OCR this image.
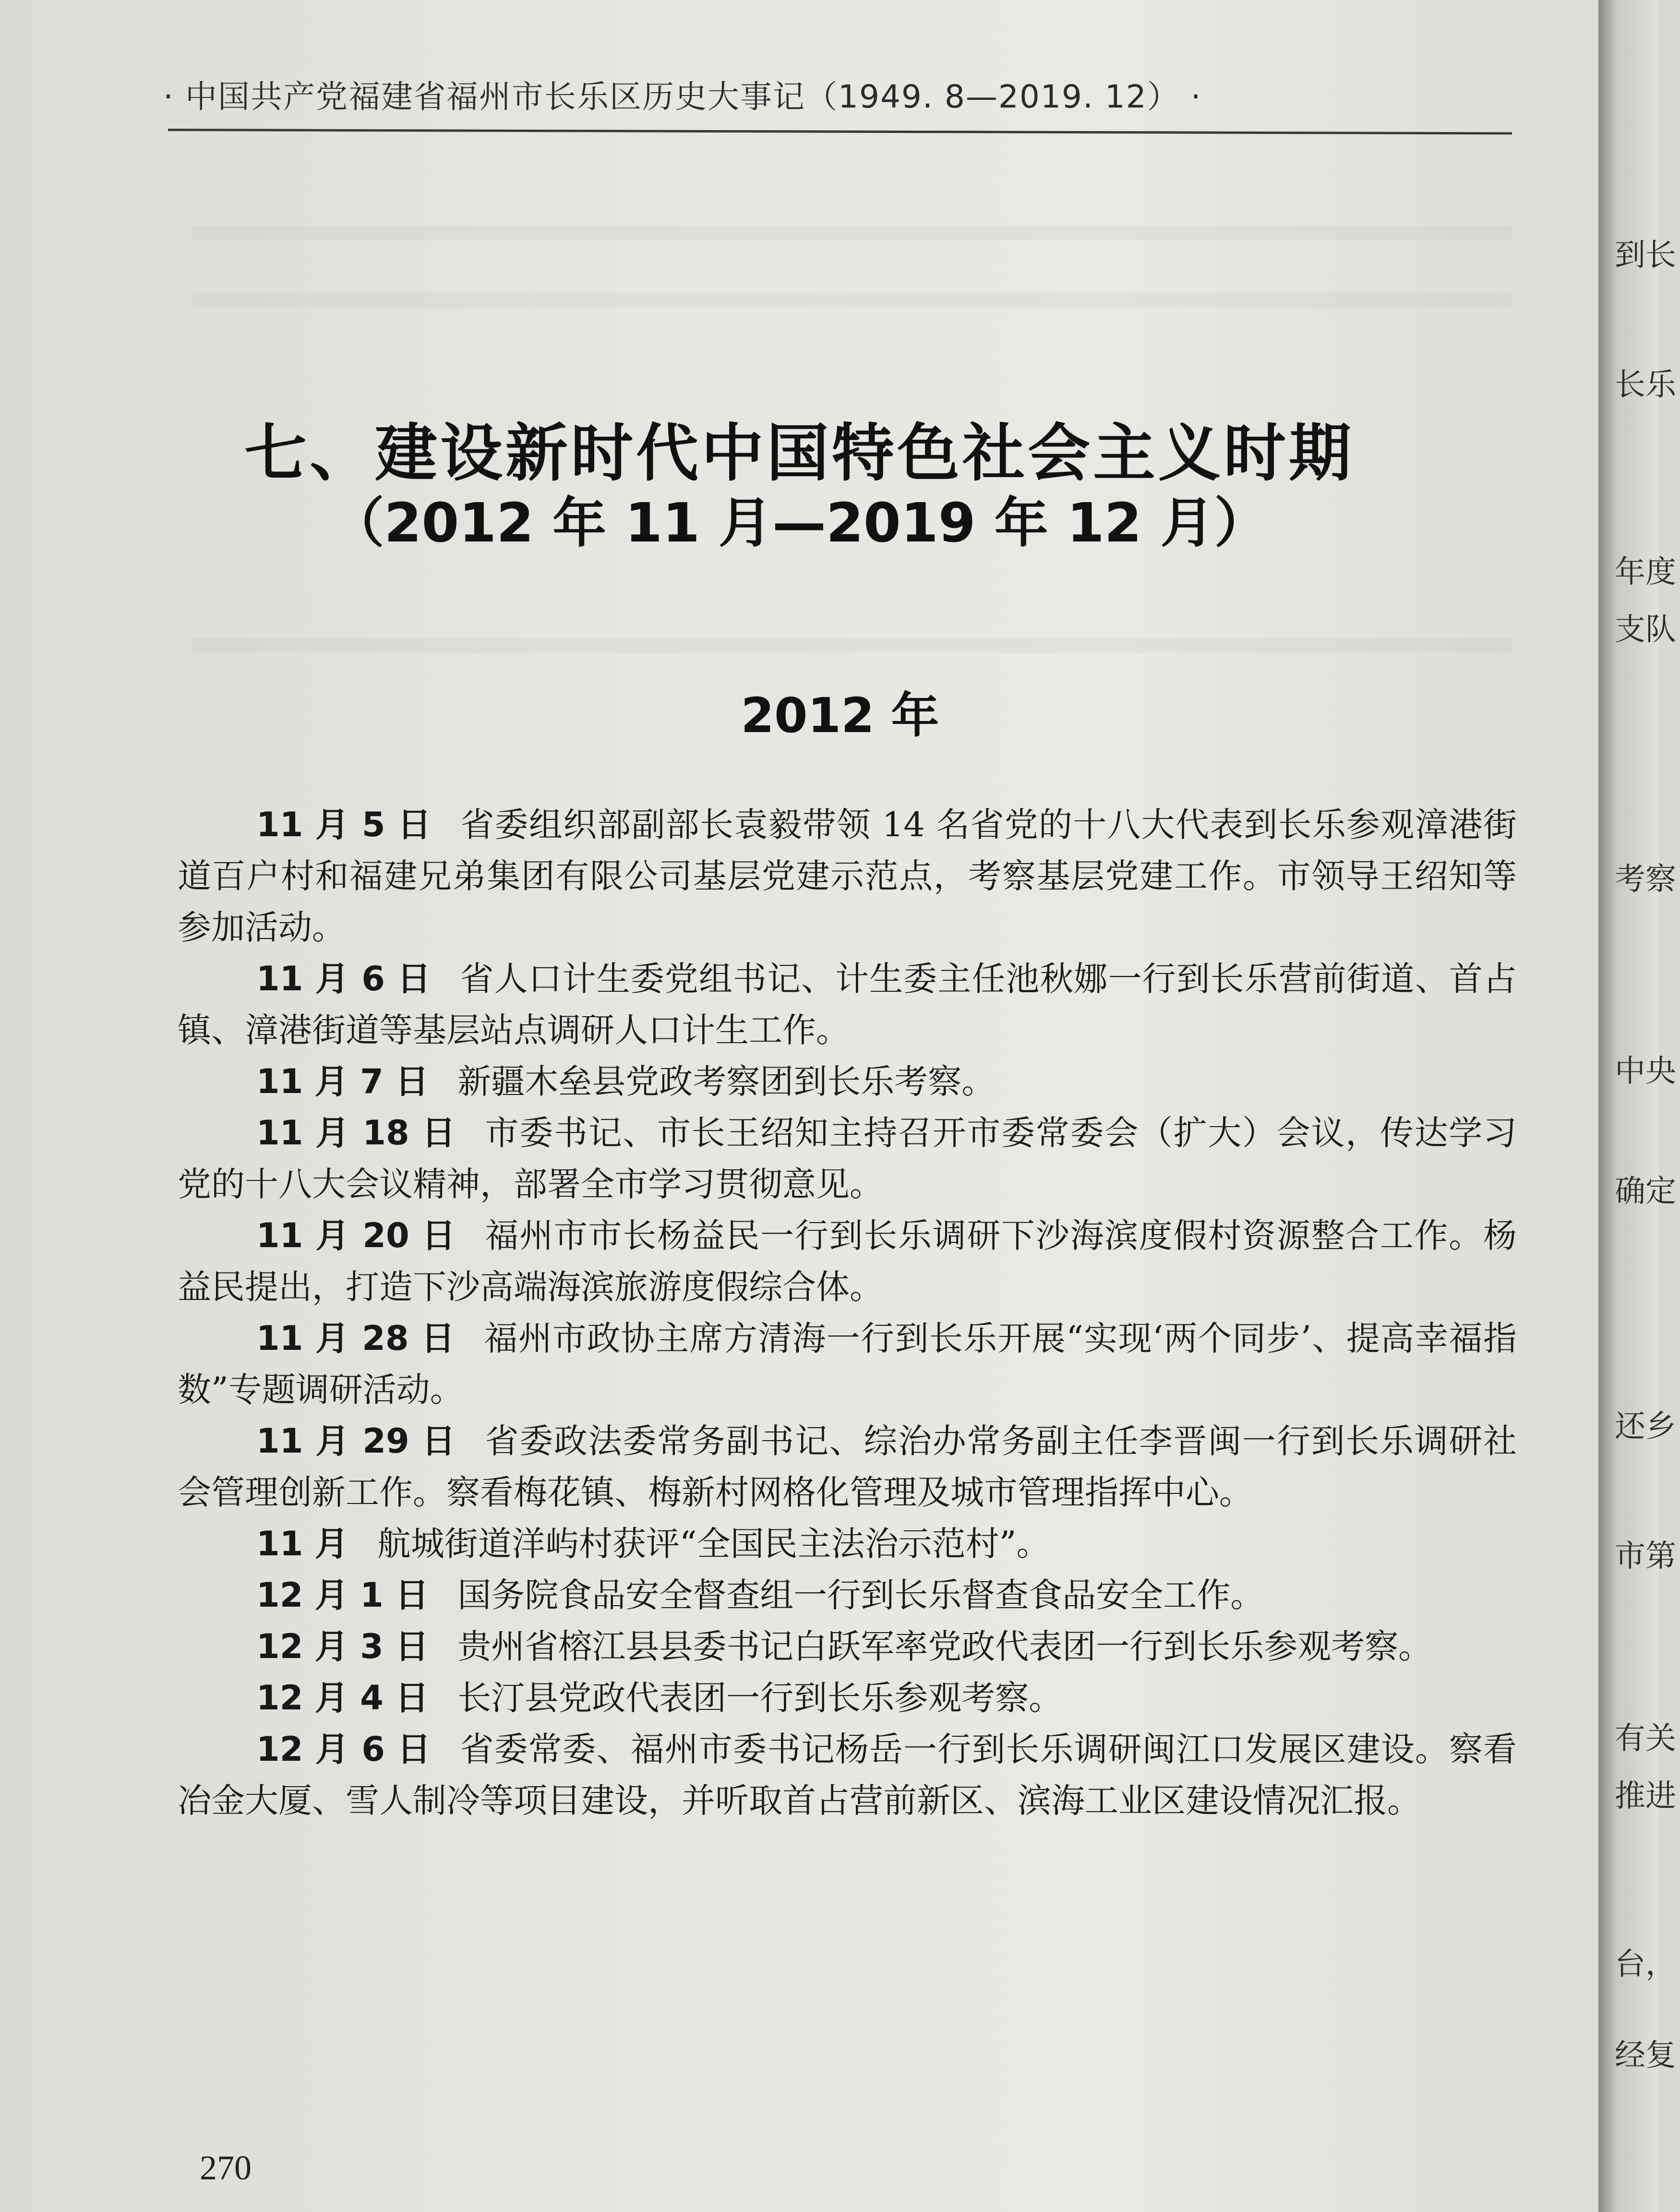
· 中国共产党福建省福州市长乐区历史大事记（1949. 8—2019. 12） ·
七、建设新时代中国特色社会主义时期
（2012 年 11 月—2019 年 12 月）
2012 年

11 月 5 日 省委组织部副部长袁毅带领 14 名省党的十八大代表到长乐参观漳港街道百户村和福建兄弟集团有限公司基层党建示范点，考察基层党建工作。市领导王绍知等参加活动。

11 月 6 日 省人口计生委党组书记、计生委主任池秋娜一行到长乐营前街道、首占镇、漳港街道等基层站点调研人口计生工作。

11 月 7 日 新疆木垒县党政考察团到长乐考察。

11 月 18 日 市委书记、市长王绍知主持召开市委常委会（扩大）会议，传达学习党的十八大会议精神，部署全市学习贯彻意见。

11 月 20 日 福州市市长杨益民一行到长乐调研下沙海滨度假村资源整合工作。杨益民提出，打造下沙高端海滨旅游度假综合体。

11 月 28 日 福州市政协主席方清海一行到长乐开展“实现‘两个同步’、提高幸福指数”专题调研活动。

11 月 29 日 省委政法委常务副书记、综治办常务副主任李晋闽一行到长乐调研社会管理创新工作。察看梅花镇、梅新村网格化管理及城市管理指挥中心。

11 月 航城街道洋屿村获评“全国民主法治示范村”。

12 月 1 日 国务院食品安全督查组一行到长乐督查食品安全工作。

12 月 3 日 贵州省榕江县县委书记白跃军率党政代表团一行到长乐参观考察。

12 月 4 日 长汀县党政代表团一行到长乐参观考察。

12 月 6 日 省委常委、福州市委书记杨岳一行到长乐调研闽江口发展区建设。察看冶金大厦、雪人制冷等项目建设，并听取首占营前新区、滨海工业区建设情况汇报。

270
到长
长乐
年度
支队
考察
中央
确定
还乡
市第
有关
推进
台，
经复
